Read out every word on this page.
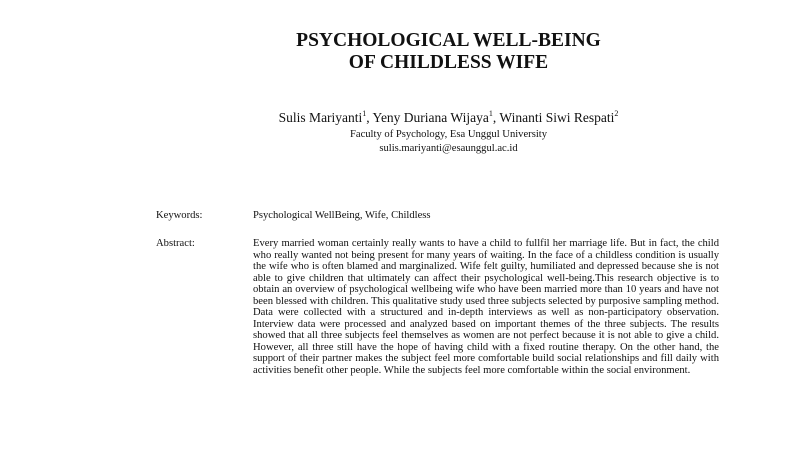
PSYCHOLOGICAL WELL-BEING
OF CHILDLESS WIFE
Sulis Mariyanti$^1$, Yeny Duriana Wijaya$^1$, Winanti Siwi Respati$^2$
Faculty of Psychology, Esa Unggul University
sulis.mariyanti@esaunggul.ac.id
Keywords:	Psychological WellBeing, Wife, Childless
Abstract:	Every married woman certainly really wants to have a child to fullfil her marriage life. But in fact, the child who really wanted not being present for many years of waiting. In the face of a childless condition is usually the wife who is often blamed and marginalized. Wife felt guilty, humiliated and depressed because she is not able to give children that ultimately can affect their psychological well-being.This research objective is to obtain an overview of psychological wellbeing wife who have been married more than 10 years and have not been blessed with children. This qualitative study used three subjects selected by purposive sampling method. Data were collected with a structured and in-depth interviews as well as non-participatory observation. Interview data were processed and analyzed based on important themes of the three subjects. The results showed that all three subjects feel themselves as women are not perfect because it is not able to give a child. However, all three still have the hope of having child with a fixed routine therapy. On the other hand, the support of their partner makes the subject feel more comfortable build social relationships and fill daily with activities benefit other people. While the subjects feel more comfortable within the social environment.
